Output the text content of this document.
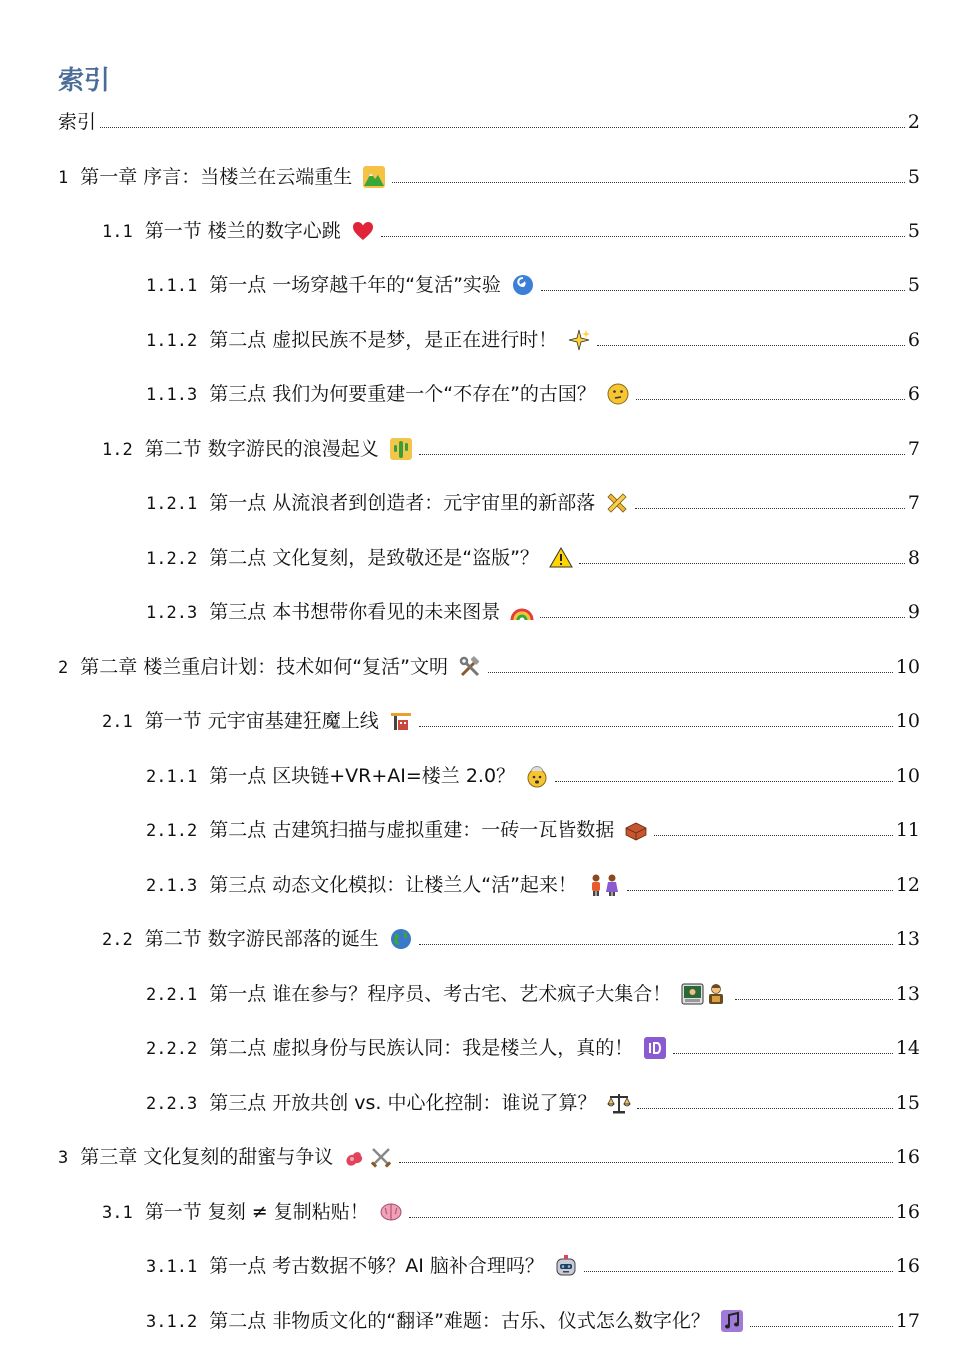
索引
索引	2
1 第一章 序言：当楼兰在云端重生	5
1.1 第一节 楼兰的数字心跳	5
1.1.1 第一点 一场穿越千年的“复活”实验	5
1.1.2 第二点 虚拟民族不是梦，是正在进行时！	6
1.1.3 第三点 我们为何要重建一个“不存在”的古国？	6
1.2 第二节 数字游民的浪漫起义	7
1.2.1 第一点 从流浪者到创造者：元宇宙里的新部落	7
1.2.2 第二点 文化复刻，是致敬还是“盗版”？	8
1.2.3 第三点 本书想带你看见的未来图景	9
2 第二章 楼兰重启计划：技术如何“复活”文明	10
2.1 第一节 元宇宙基建狂魔上线	10
2.1.1 第一点 区块链+VR+AI=楼兰 2.0？	10
2.1.2 第二点 古建筑扫描与虚拟重建：一砖一瓦皆数据	11
2.1.3 第三点 动态文化模拟：让楼兰人“活”起来！	12
2.2 第二节 数字游民部落的诞生	13
2.2.1 第一点 谁在参与？程序员、考古宅、艺术疯子大集合！	13
2.2.2 第二点 虚拟身份与民族认同：我是楼兰人，真的！	14
2.2.3 第三点 开放共创 vs. 中心化控制：谁说了算？	15
3 第三章 文化复刻的甜蜜与争议	16
3.1 第一节 复刻 ≠ 复制粘贴！	16
3.1.1 第一点 考古数据不够？AI 脑补合理吗？	16
3.1.2 第二点 非物质文化的“翻译”难题：古乐、仪式怎么数字化？	17
